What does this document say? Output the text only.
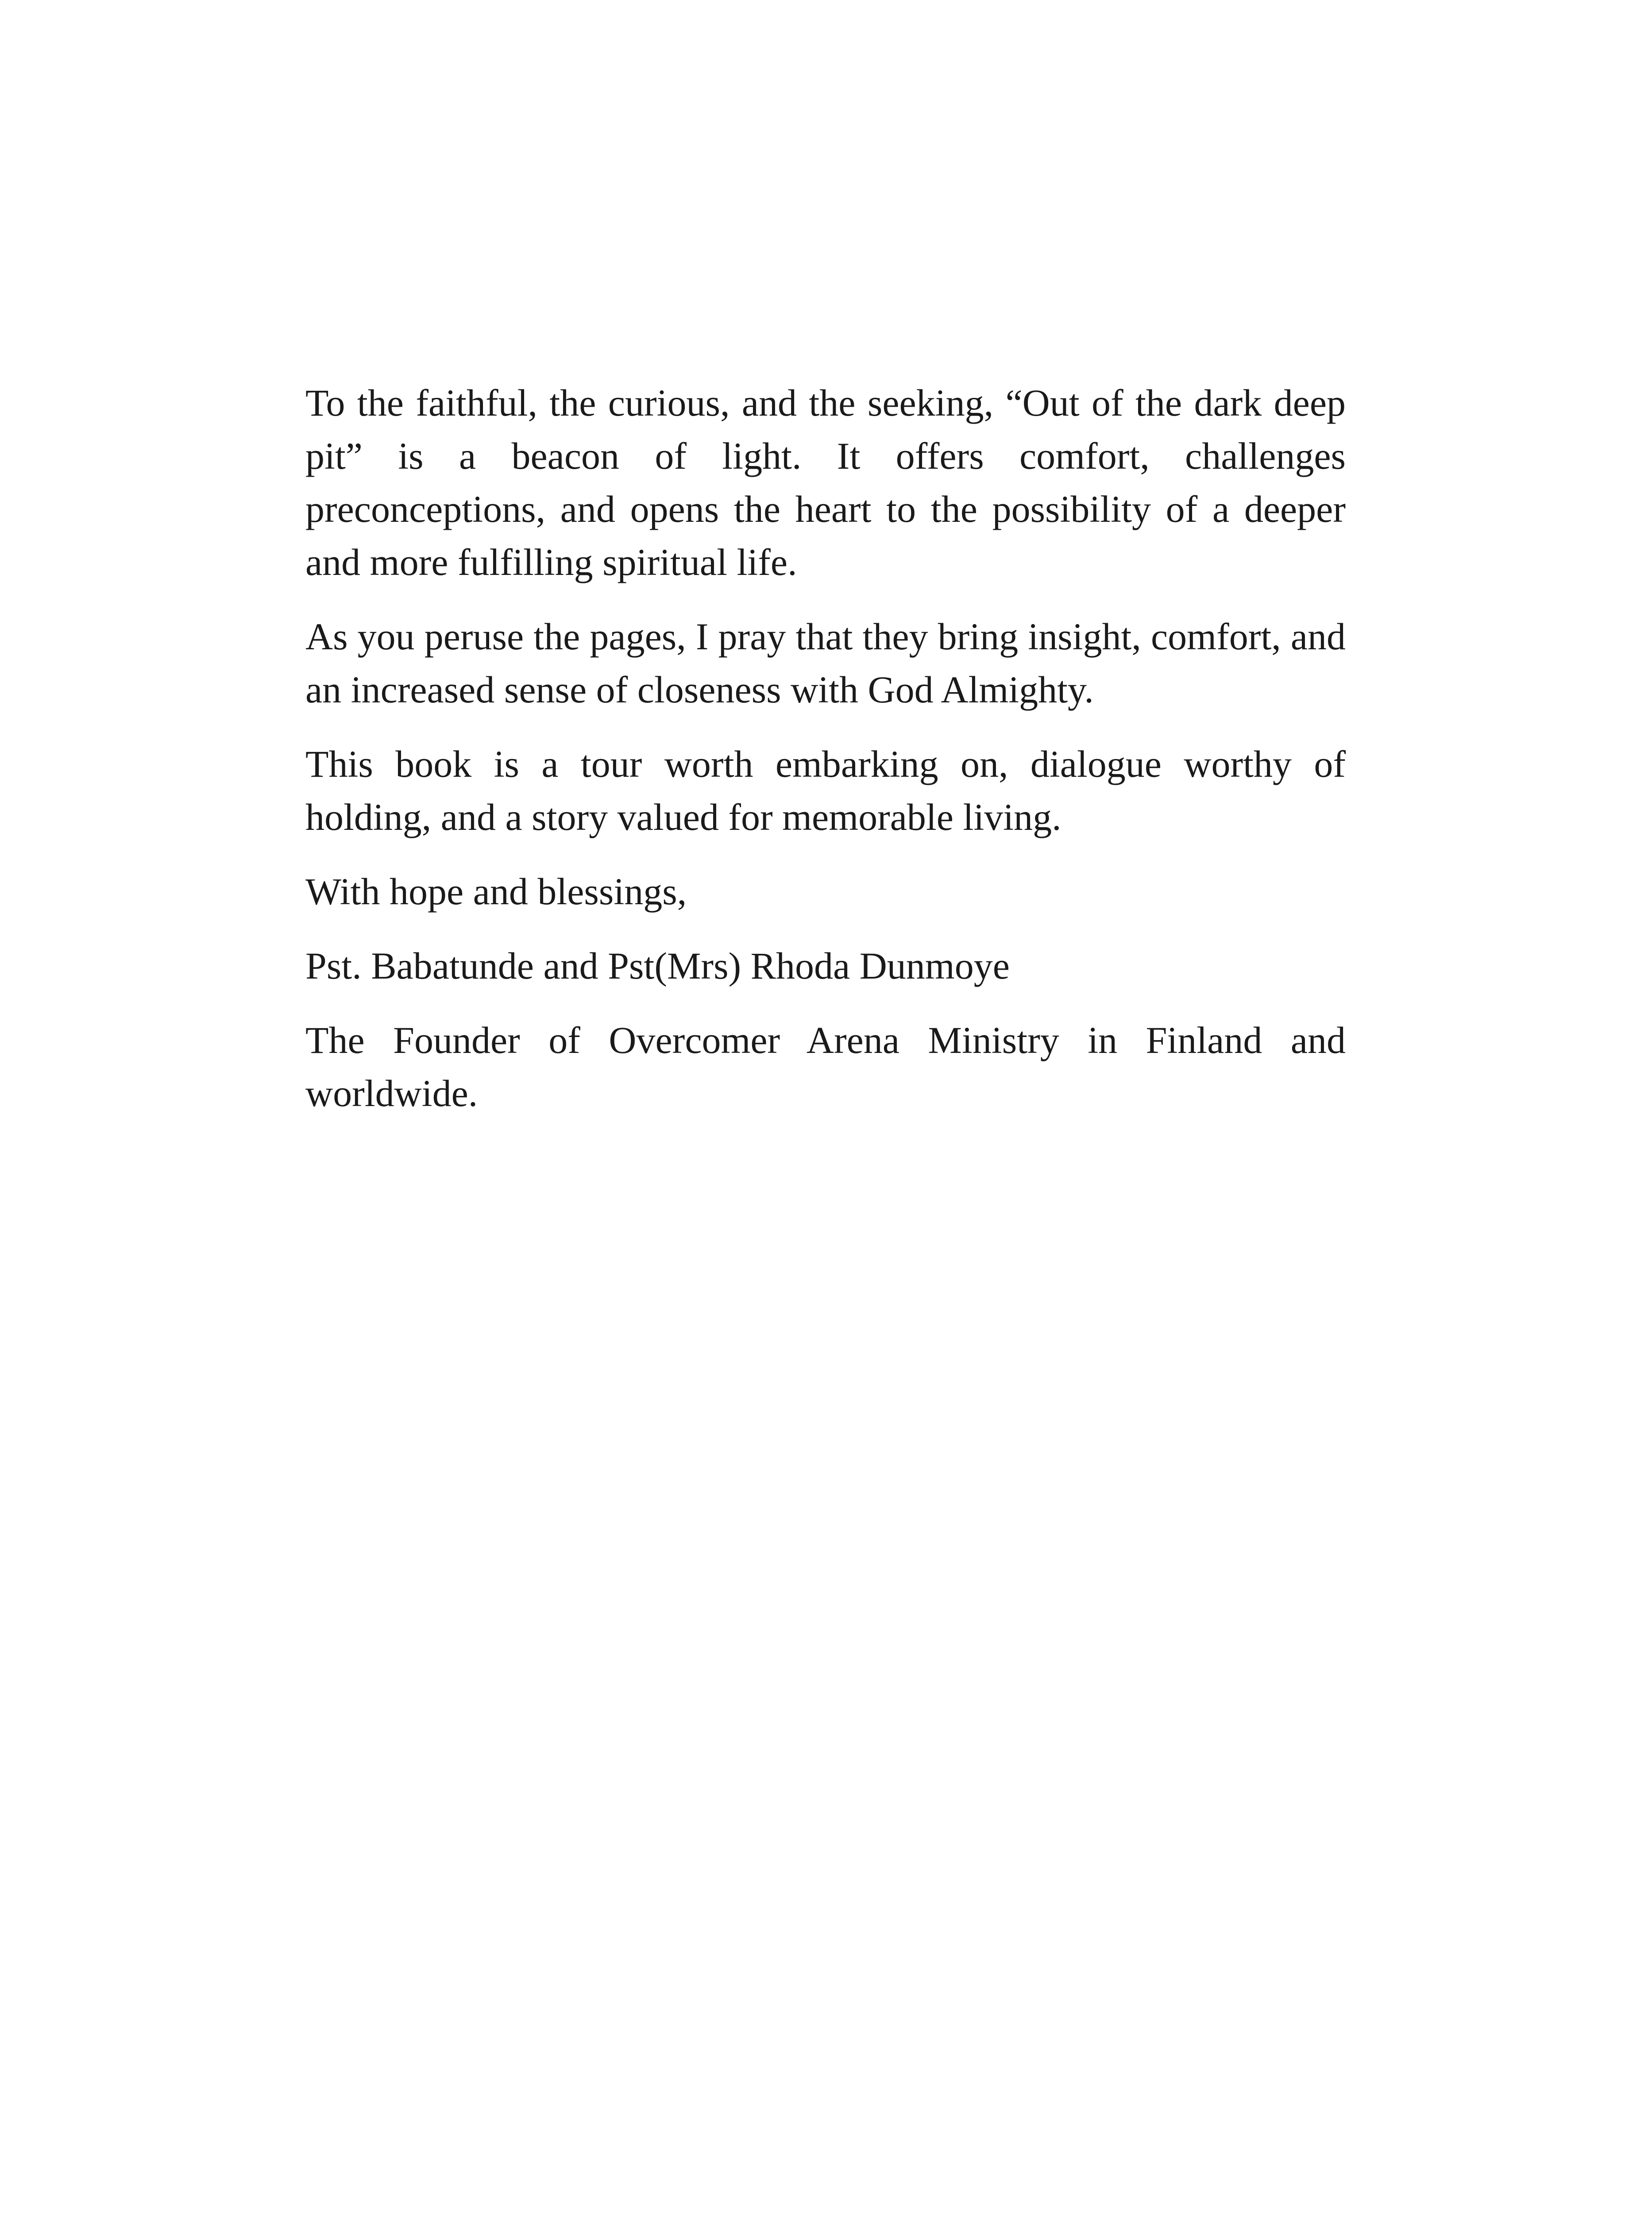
To the faithful, the curious, and the seeking, “Out of the dark deep pit” is a beacon of light. It offers comfort, challenges preconceptions, and opens the heart to the possibility of a deeper and more fulfilling spiritual life.

As you peruse the pages, I pray that they bring insight, comfort, and an increased sense of closeness with God Almighty.

This book is a tour worth embarking on, dialogue worthy of holding, and a story valued for memorable living.

With hope and blessings,

Pst. Babatunde and Pst(Mrs) Rhoda Dunmoye

The Founder of Overcomer Arena Ministry in Finland and worldwide.
